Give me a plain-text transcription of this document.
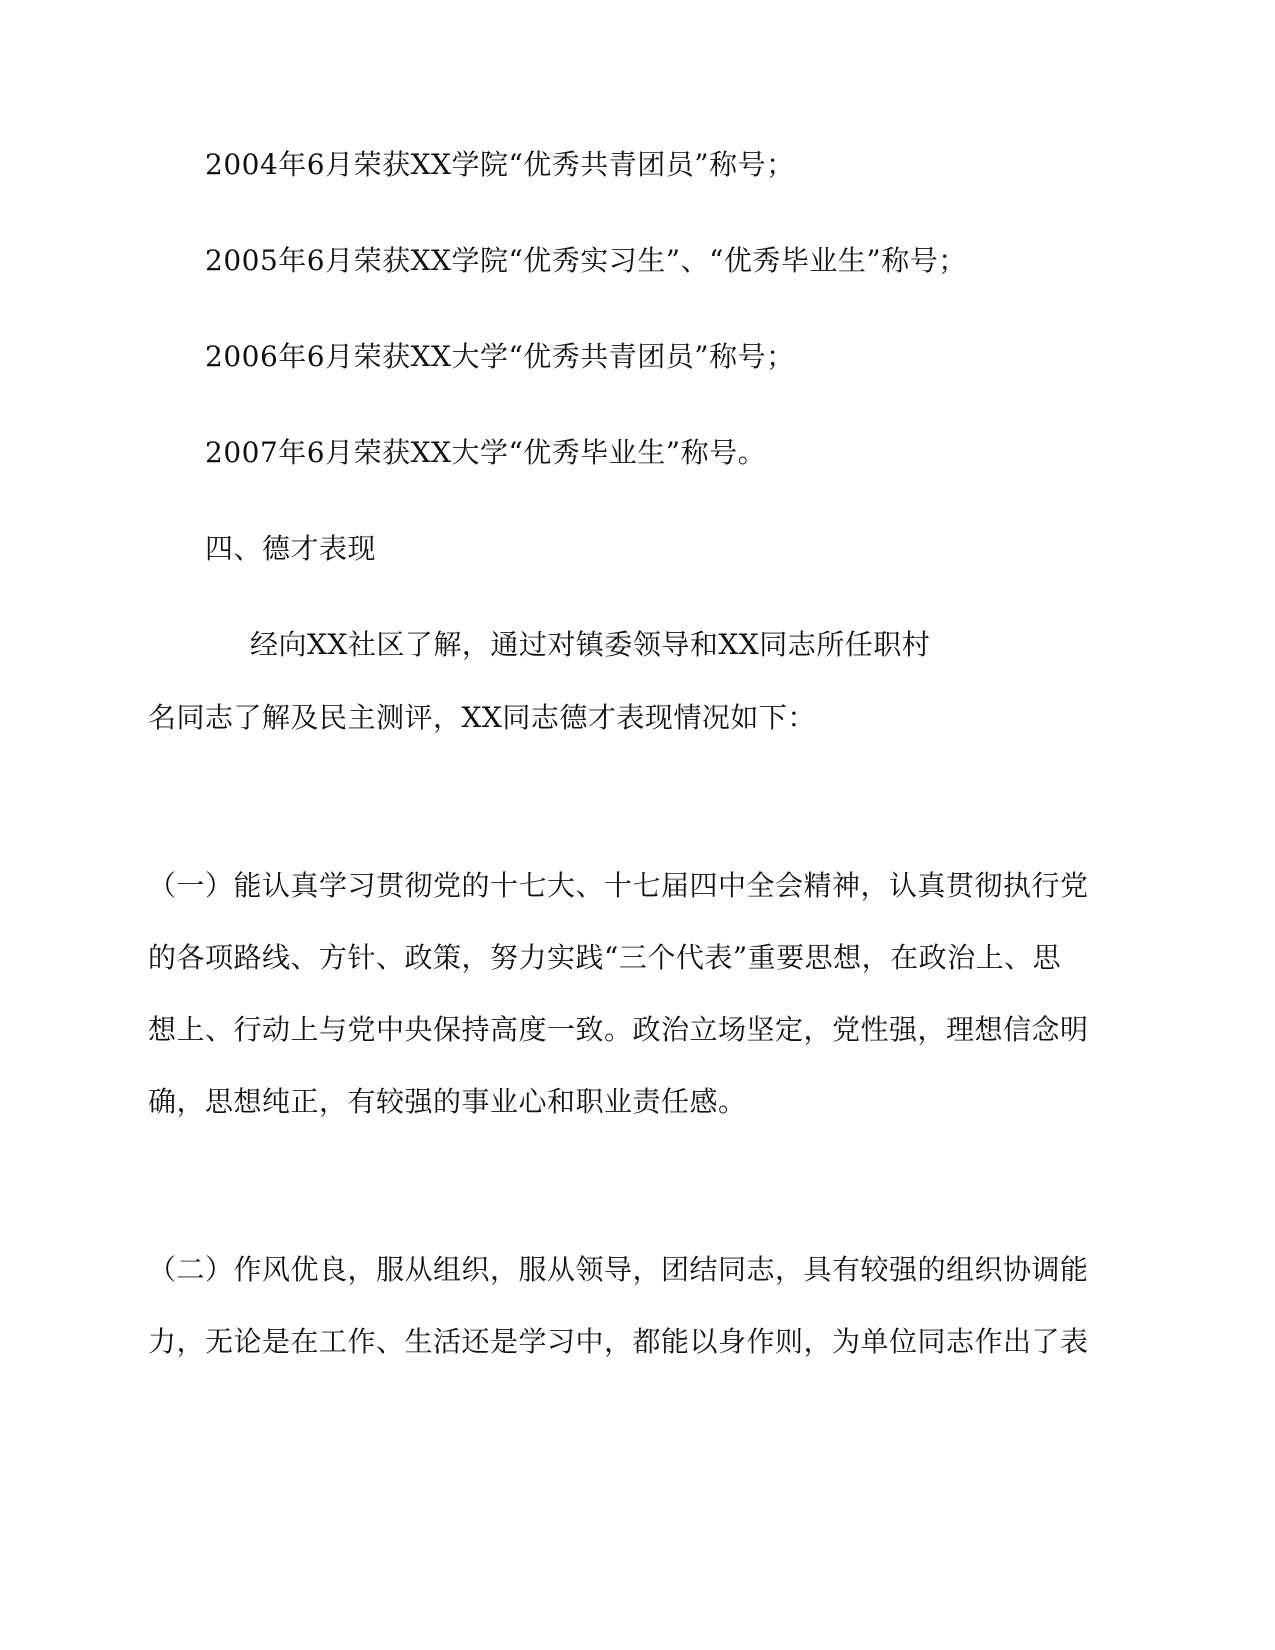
2004年6月荣获XX学院“优秀共青团员”称号；
2005年6月荣获XX学院“优秀实习生”、“优秀毕业生”称号；
2006年6月荣获XX大学“优秀共青团员”称号；
2007年6月荣获XX大学“优秀毕业生”称号。
四、德才表现
经向XX社区了解，通过对镇委领导和XX同志所任职村
名同志了解及民主测评，XX同志德才表现情况如下：
（一）能认真学习贯彻党的十七大、十七届四中全会精神，认真贯彻执行党
的各项路线、方针、政策，努力实践“三个代表”重要思想，在政治上、思
想上、行动上与党中央保持高度一致。政治立场坚定，党性强，理想信念明
确，思想纯正，有较强的事业心和职业责任感。
（二）作风优良，服从组织，服从领导，团结同志，具有较强的组织协调能
力，无论是在工作、生活还是学习中，都能以身作则，为单位同志作出了表
